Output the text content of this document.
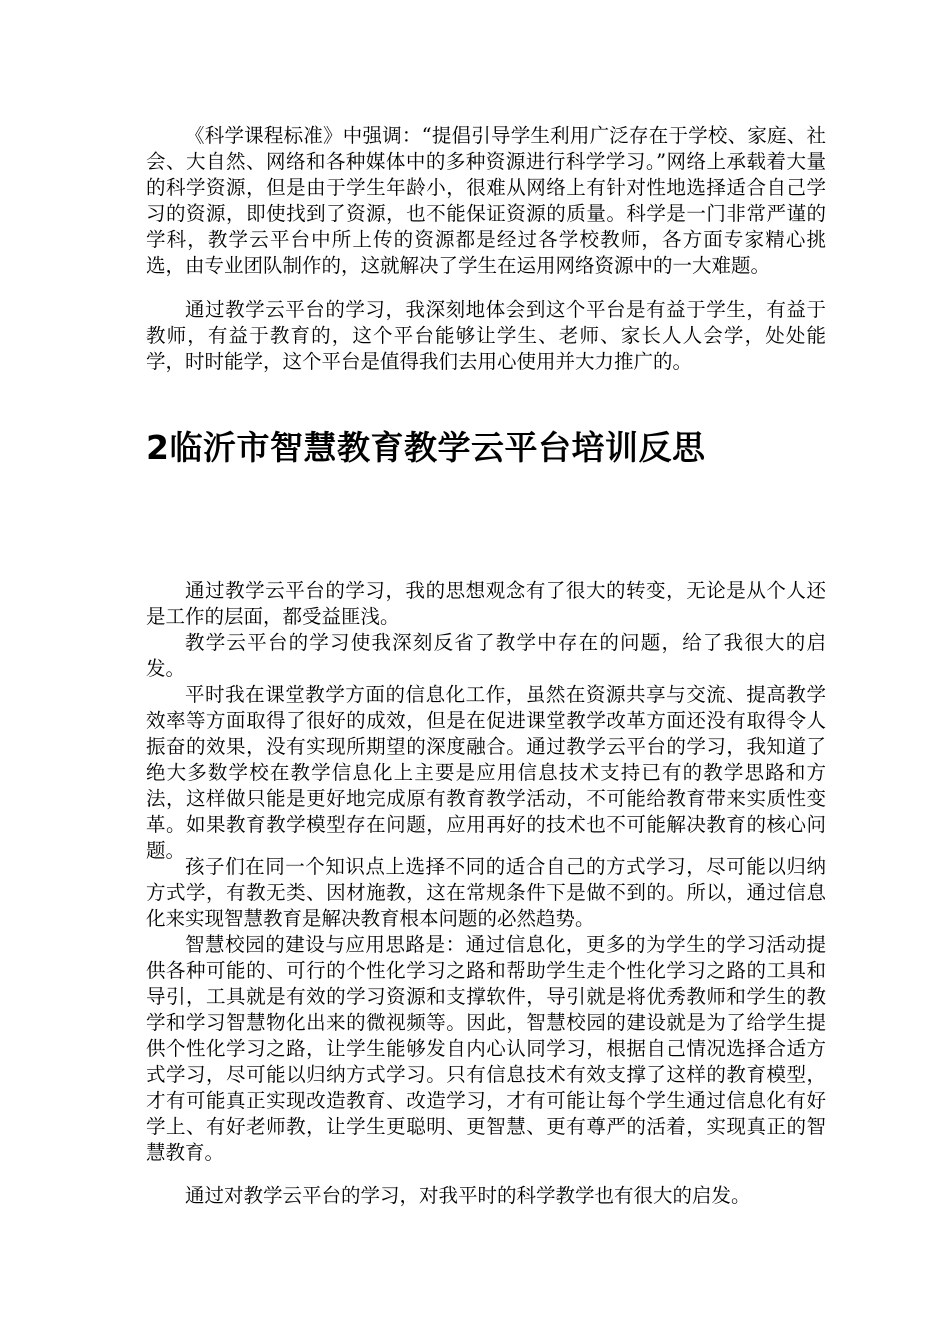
《科学课程标准》中强调：“提倡引导学生利用广泛存在于学校、家庭、社会、大自然、网络和各种媒体中的多种资源进行科学学习。”网络上承载着大量的科学资源，但是由于学生年龄小，很难从网络上有针对性地选择适合自己学习的资源，即使找到了资源，也不能保证资源的质量。科学是一门非常严谨的学科，教学云平台中所上传的资源都是经过各学校教师，各方面专家精心挑选，由专业团队制作的，这就解决了学生在运用网络资源中的一大难题。

通过教学云平台的学习，我深刻地体会到这个平台是有益于学生，有益于教师，有益于教育的，这个平台能够让学生、老师、家长人人会学，处处能学，时时能学，这个平台是值得我们去用心使用并大力推广的。

2临沂市智慧教育教学云平台培训反思

通过教学云平台的学习，我的思想观念有了很大的转变，无论是从个人还是工作的层面，都受益匪浅。

教学云平台的学习使我深刻反省了教学中存在的问题，给了我很大的启发。

平时我在课堂教学方面的信息化工作，虽然在资源共享与交流、提高教学效率等方面取得了很好的成效，但是在促进课堂教学改革方面还没有取得令人振奋的效果，没有实现所期望的深度融合。通过教学云平台的学习，我知道了绝大多数学校在教学信息化上主要是应用信息技术支持已有的教学思路和方法，这样做只能是更好地完成原有教育教学活动，不可能给教育带来实质性变革。如果教育教学模型存在问题，应用再好的技术也不可能解决教育的核心问题。

孩子们在同一个知识点上选择不同的适合自己的方式学习，尽可能以归纳方式学，有教无类、因材施教，这在常规条件下是做不到的。所以，通过信息化来实现智慧教育是解决教育根本问题的必然趋势。

智慧校园的建设与应用思路是：通过信息化，更多的为学生的学习活动提供各种可能的、可行的个性化学习之路和帮助学生走个性化学习之路的工具和导引，工具就是有效的学习资源和支撑软件，导引就是将优秀教师和学生的教学和学习智慧物化出来的微视频等。因此，智慧校园的建设就是为了给学生提供个性化学习之路，让学生能够发自内心认同学习，根据自己情况选择合适方式学习，尽可能以归纳方式学习。只有信息技术有效支撑了这样的教育模型，才有可能真正实现改造教育、改造学习，才有可能让每个学生通过信息化有好学上、有好老师教，让学生更聪明、更智慧、更有尊严的活着，实现真正的智慧教育。

通过对教学云平台的学习，对我平时的科学教学也有很大的启发。
